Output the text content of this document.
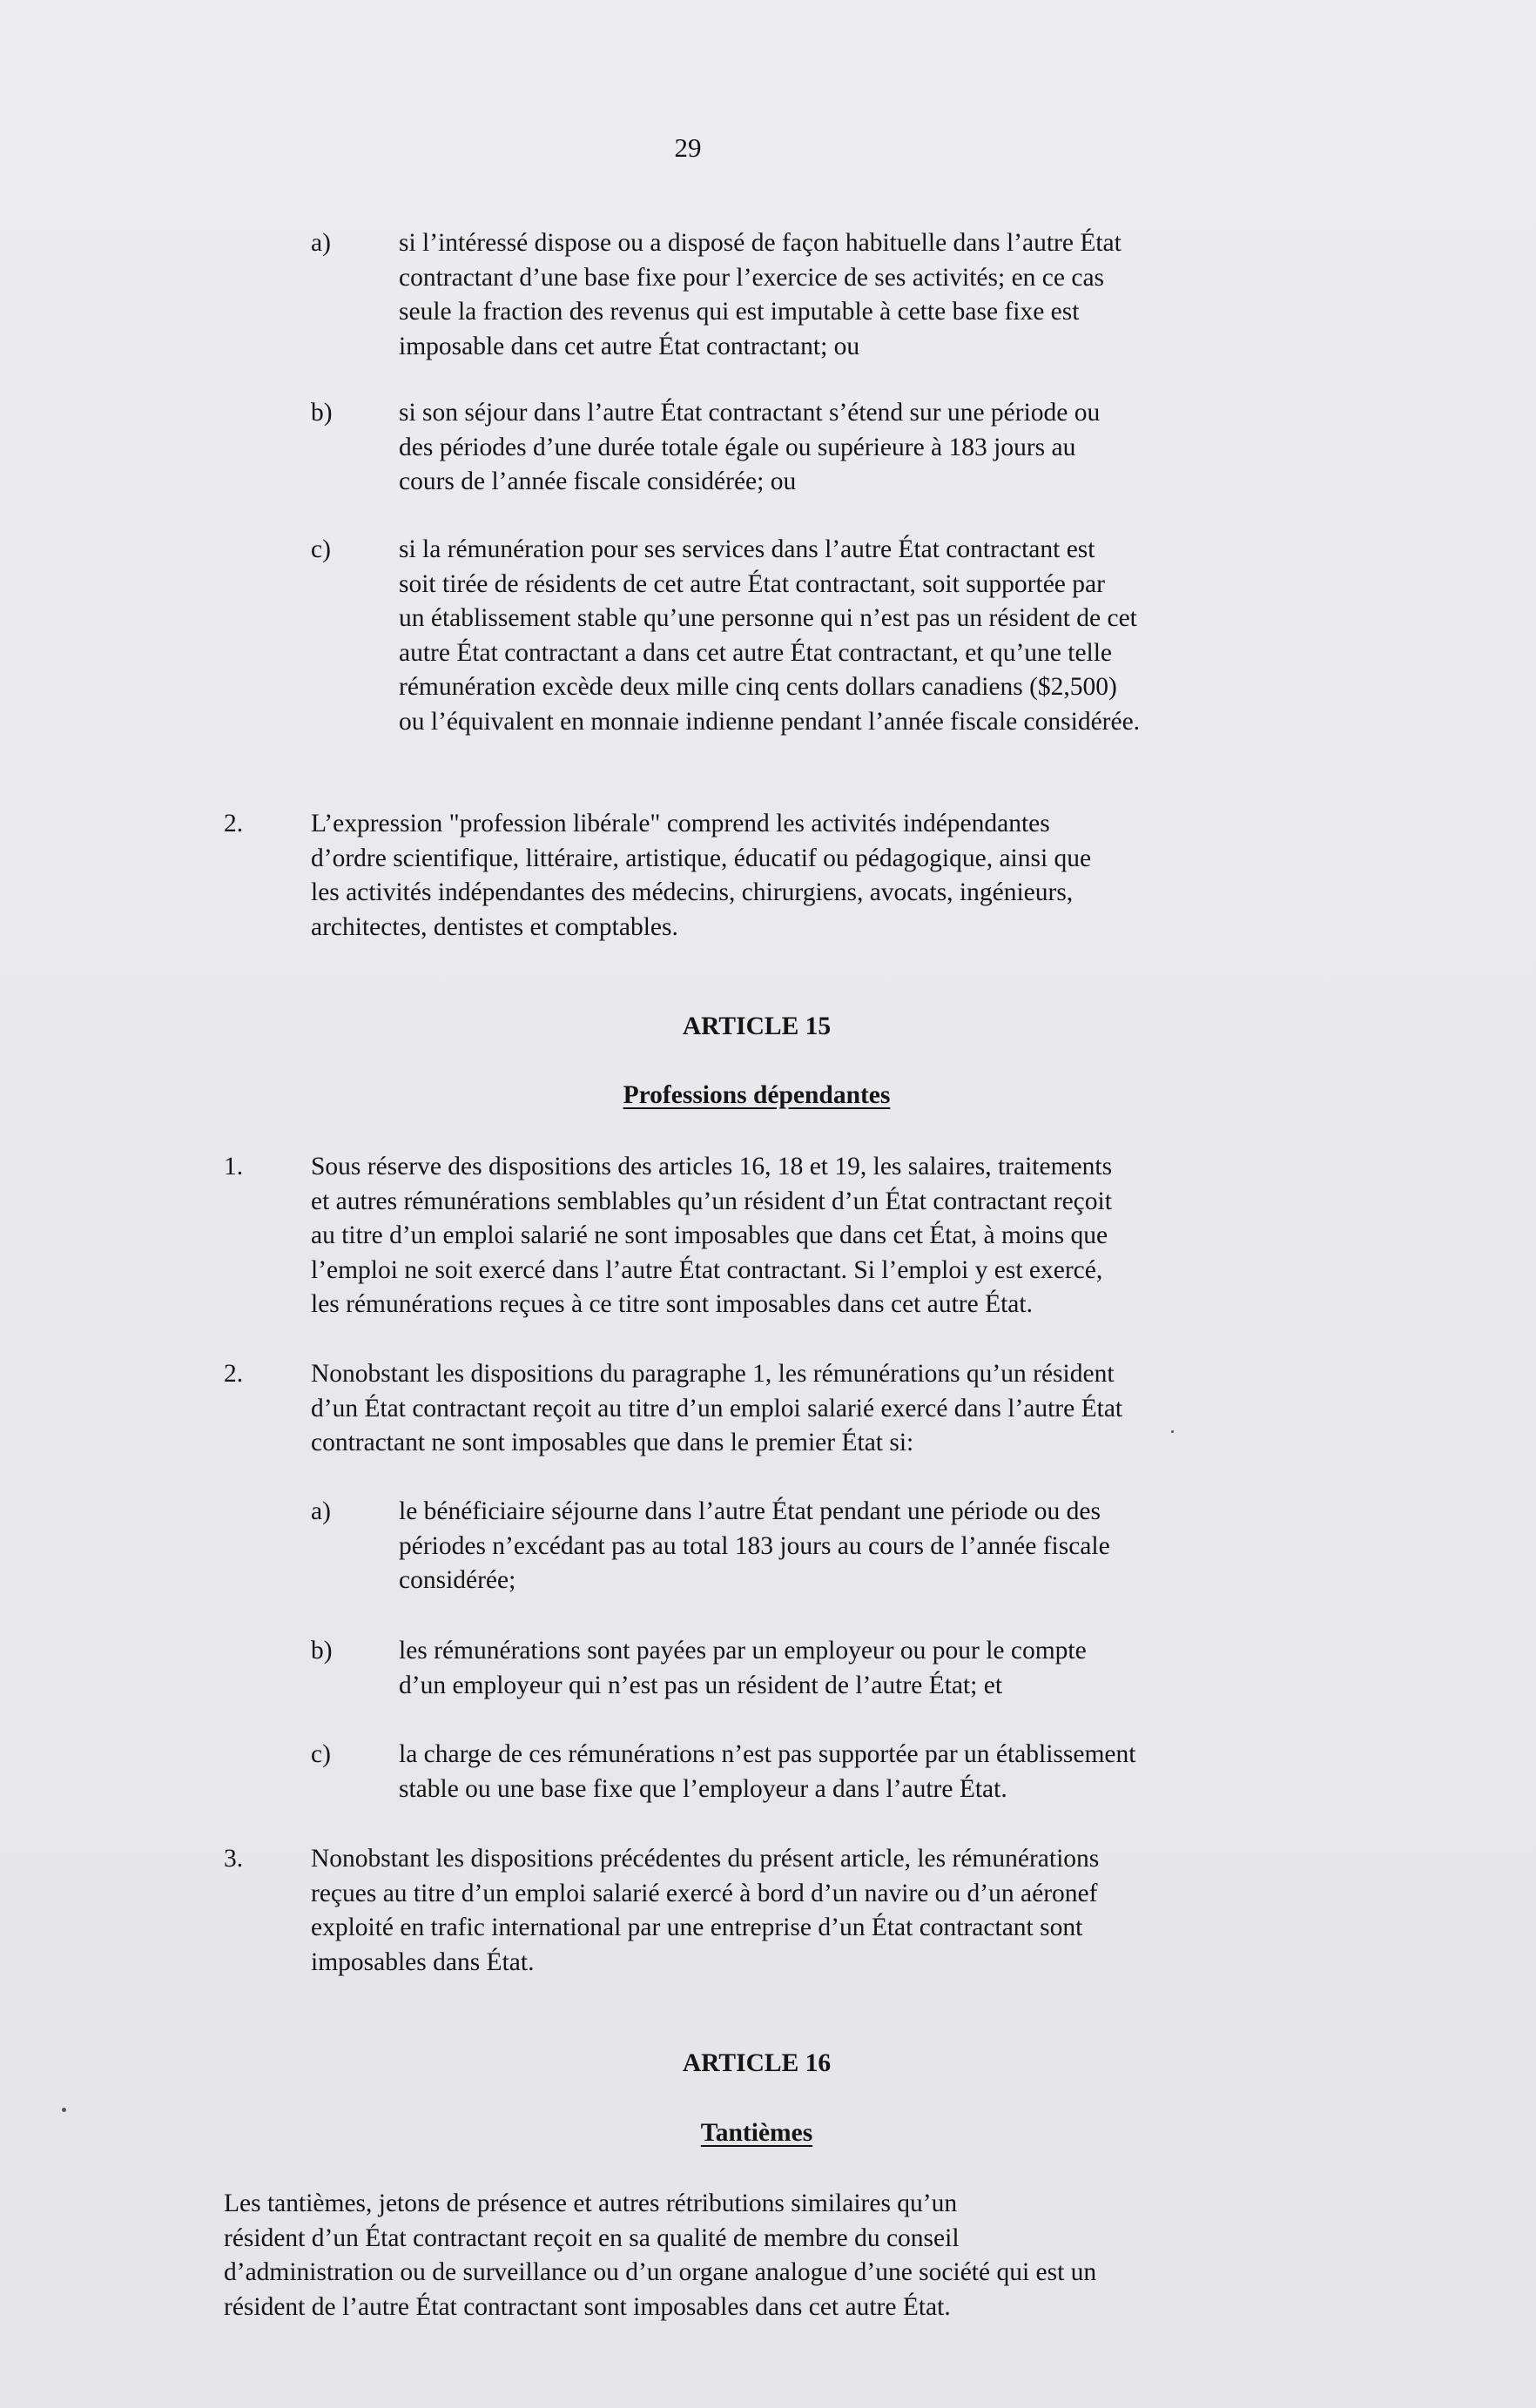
29
a)	si l’intéressé dispose ou a disposé de façon habituelle dans l’autre État
contractant d’une base fixe pour l’exercice de ses activités; en ce cas
seule la fraction des revenus qui est imputable à cette base fixe est
imposable dans cet autre État contractant; ou
b)	si son séjour dans l’autre État contractant s’étend sur une période ou
des périodes d’une durée totale égale ou supérieure à 183 jours au
cours de l’année fiscale considérée; ou
c)	si la rémunération pour ses services dans l’autre État contractant est
soit tirée de résidents de cet autre État contractant, soit supportée par
un établissement stable qu’une personne qui n’est pas un résident de cet
autre État contractant a dans cet autre État contractant, et qu’une telle
rémunération excède deux mille cinq cents dollars canadiens ($2,500)
ou l’équivalent en monnaie indienne pendant l’année fiscale considérée.
2.	L’expression "profession libérale" comprend les activités indépendantes
d’ordre scientifique, littéraire, artistique, éducatif ou pédagogique, ainsi que
les activités indépendantes des médecins, chirurgiens, avocats, ingénieurs,
architectes, dentistes et comptables.
ARTICLE 15
Professions dépendantes
1.	Sous réserve des dispositions des articles 16, 18 et 19, les salaires, traitements
et autres rémunérations semblables qu’un résident d’un État contractant reçoit
au titre d’un emploi salarié ne sont imposables que dans cet État, à moins que
l’emploi ne soit exercé dans l’autre État contractant. Si l’emploi y est exercé,
les rémunérations reçues à ce titre sont imposables dans cet autre État.
2.	Nonobstant les dispositions du paragraphe 1, les rémunérations qu’un résident
d’un État contractant reçoit au titre d’un emploi salarié exercé dans l’autre État
contractant ne sont imposables que dans le premier État si:
a)	le bénéficiaire séjourne dans l’autre État pendant une période ou des
périodes n’excédant pas au total 183 jours au cours de l’année fiscale
considérée;
b)	les rémunérations sont payées par un employeur ou pour le compte
d’un employeur qui n’est pas un résident de l’autre État; et
c)	la charge de ces rémunérations n’est pas supportée par un établissement
stable ou une base fixe que l’employeur a dans l’autre État.
3.	Nonobstant les dispositions précédentes du présent article, les rémunérations
reçues au titre d’un emploi salarié exercé à bord d’un navire ou d’un aéronef
exploité en trafic international par une entreprise d’un État contractant sont
imposables dans État.
ARTICLE 16
Tantièmes
Les tantièmes, jetons de présence et autres rétributions similaires qu’un
résident d’un État contractant reçoit en sa qualité de membre du conseil
d’administration ou de surveillance ou d’un organe analogue d’une société qui est un
résident de l’autre État contractant sont imposables dans cet autre État.
